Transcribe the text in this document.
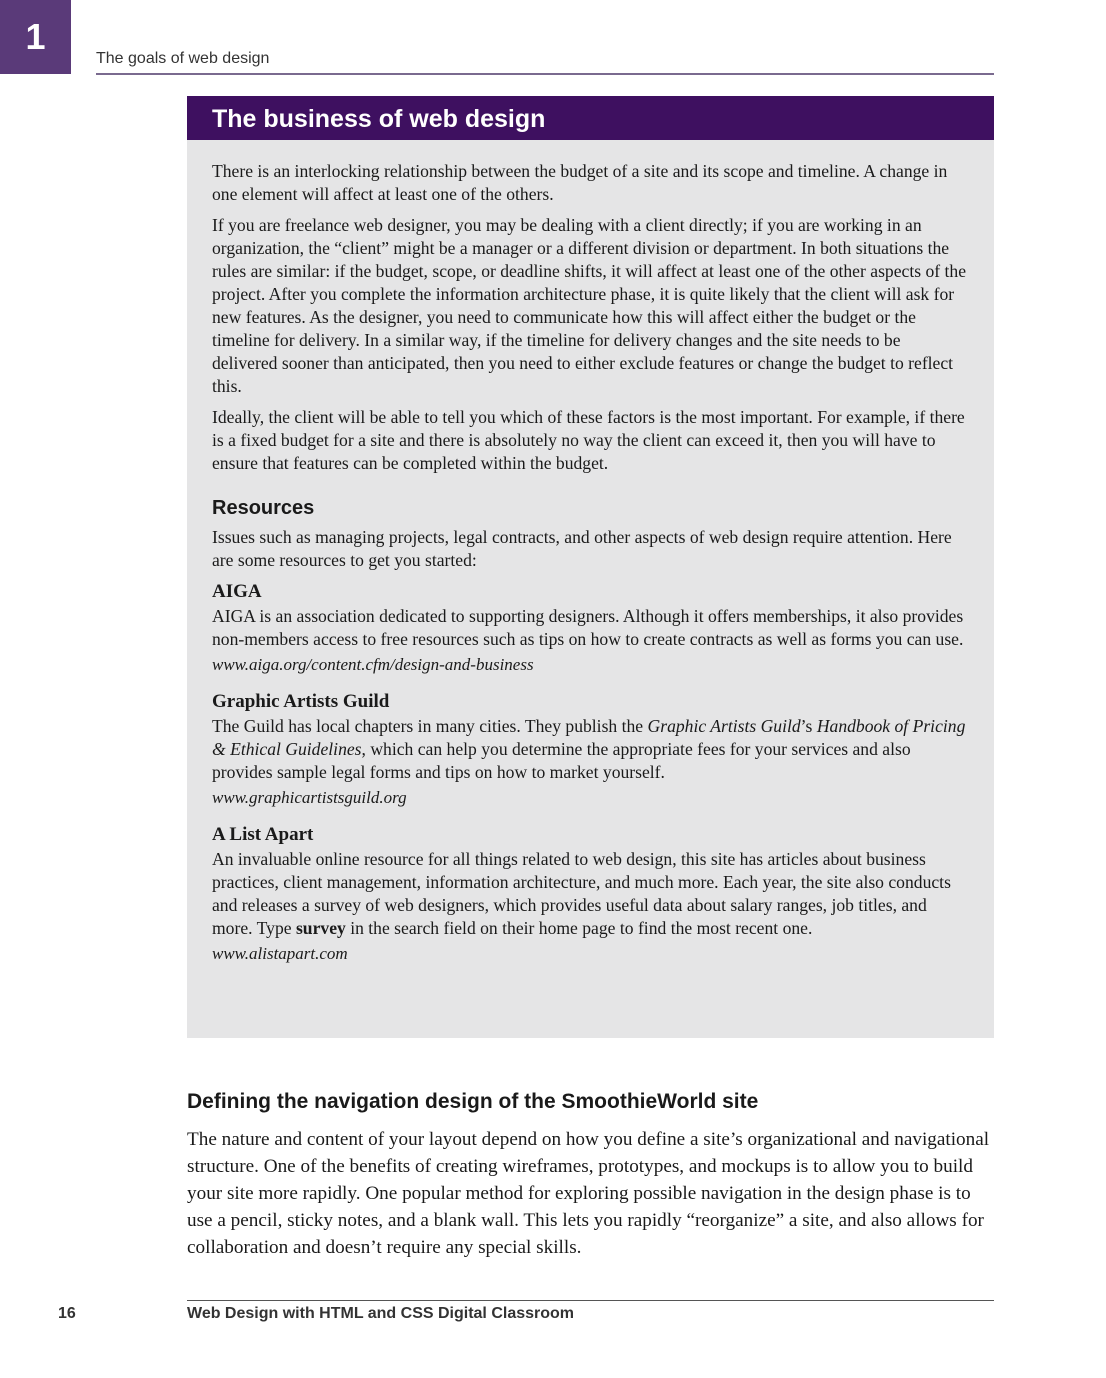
1
The goals of web design
The business of web design

There is an interlocking relationship between the budget of a site and its scope and timeline. A change in one element will affect at least one of the others.

If you are freelance web designer, you may be dealing with a client directly; if you are working in an organization, the “client” might be a manager or a different division or department. In both situations the rules are similar: if the budget, scope, or deadline shifts, it will affect at least one of the other aspects of the project. After you complete the information architecture phase, it is quite likely that the client will ask for new features. As the designer, you need to communicate how this will affect either the budget or the timeline for delivery. In a similar way, if the timeline for delivery changes and the site needs to be delivered sooner than anticipated, then you need to either exclude features or change the budget to reflect this.

Ideally, the client will be able to tell you which of these factors is the most important. For example, if there is a fixed budget for a site and there is absolutely no way the client can exceed it, then you will have to ensure that features can be completed within the budget.

Resources

Issues such as managing projects, legal contracts, and other aspects of web design require attention. Here are some resources to get you started:

AIGA

AIGA is an association dedicated to supporting designers. Although it offers memberships, it also provides non-members access to free resources such as tips on how to create contracts as well as forms you can use.

www.aiga.org/content.cfm/design-and-business
Graphic Artists Guild

The Guild has local chapters in many cities. They publish the Graphic Artists Guild’s Handbook of Pricing & Ethical Guidelines, which can help you determine the appropriate fees for your services and also provides sample legal forms and tips on how to market yourself.

www.graphicartistsguild.org
A List Apart

An invaluable online resource for all things related to web design, this site has articles about business practices, client management, information architecture, and much more. Each year, the site also conducts and releases a survey of web designers, which provides useful data about salary ranges, job titles, and more. Type survey in the search field on their home page to find the most recent one.

www.alistapart.com
Defining the navigation design of the SmoothieWorld site

The nature and content of your layout depend on how you define a site’s organizational and navigational structure. One of the benefits of creating wireframes, prototypes, and mockups is to allow you to build your site more rapidly. One popular method for exploring possible navigation in the design phase is to use a pencil, sticky notes, and a blank wall. This lets you rapidly “reorganize” a site, and also allows for collaboration and doesn’t require any special skills.

16	Web Design with HTML and CSS Digital Classroom
